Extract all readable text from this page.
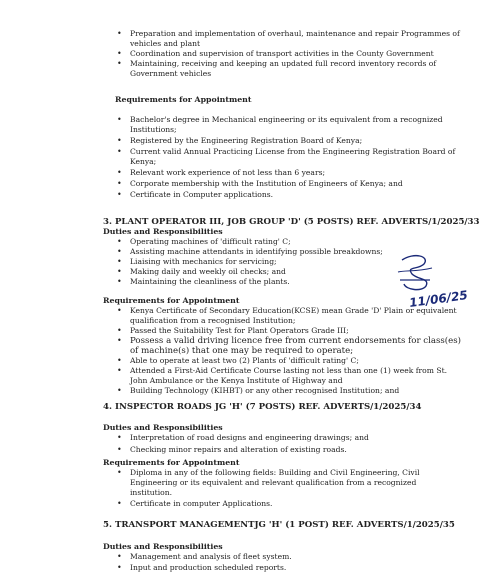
• Preparation and implementation of overhaul, maintenance and repair Programmes of vehicles and plant
• Coordination and supervision of transport activities in the County Government
• Maintaining, receiving and keeping an updated full record inventory records of Government vehicles
Requirements for Appointment
• Bachelor's degree in Mechanical engineering or its equivalent from a recognized Institutions;
• Registered by the Engineering Registration Board of Kenya;
• Current valid Annual Practicing License from the Engineering Registration Board of Kenya;
• Relevant work experience of not less than 6 years;
• Corporate membership with the Institution of Engineers of Kenya; and
• Certificate in Computer applications.
3. PLANT OPERATOR III, JOB GROUP 'D' (5 POSTS) REF. ADVERTS/1/2025/33
Duties and Responsibilities
• Operating machines of 'difficult rating' C;
• Assisting machine attendants in identifying possible breakdowns;
• Liaising with mechanics for servicing;
• Making daily and weekly oil checks; and
• Maintaining the cleanliness of the plants.
11/06/25
Requirements for Appointment
• Kenya Certificate of Secondary Education(KCSE) mean Grade 'D' Plain or equivalent qualification from a recognised Institution;
• Passed the Suitability Test for Plant Operators Grade III;
• Possess a valid driving licence free from current endorsements for class(es) of machine(s) that one may be required to operate;
• Able to operate at least two (2) Plants of 'difficult rating' C;
• Attended a First-Aid Certificate Course lasting not less than one (1) week from St. John Ambulance or the Kenya Institute of Highway and
• Building Technology (KIHBT) or any other recognised Institution; and
4. INSPECTOR ROADS JG 'H' (7 POSTS) REF. ADVERTS/1/2025/34
Duties and Responsibilities
• Interpretation of road designs and engineering drawings; and
• Checking minor repairs and alteration of existing roads.
Requirements for Appointment
• Diploma in any of the following fields: Building and Civil Engineering, Civil Engineering or its equivalent and relevant qualification from a recognized institution.
• Certificate in computer Applications.
5. TRANSPORT MANAGEMENTJG 'H' (1 POST) REF. ADVERTS/1/2025/35
Duties and Responsibilities
• Management and analysis of fleet system.
• Input and production scheduled reports.
